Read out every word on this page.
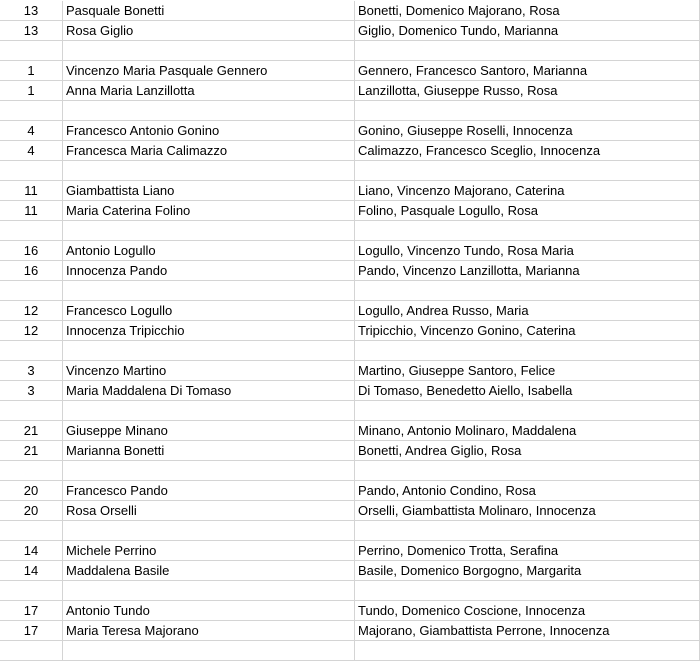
13	Pasquale Bonetti	Bonetti, Domenico Majorano, Rosa
13	Rosa Giglio	Giglio, Domenico Tundo, Marianna
1	Vincenzo Maria Pasquale Gennero	Gennero, Francesco Santoro, Marianna
1	Anna Maria Lanzillotta	Lanzillotta, Giuseppe Russo, Rosa
4	Francesco Antonio Gonino	Gonino, Giuseppe Roselli, Innocenza
4	Francesca Maria Calimazzo	Calimazzo, Francesco Sceglio, Innocenza
11	Giambattista Liano	Liano, Vincenzo Majorano, Caterina
11	Maria Caterina Folino	Folino, Pasquale Logullo, Rosa
16	Antonio Logullo	Logullo, Vincenzo Tundo, Rosa Maria
16	Innocenza Pando	Pando, Vincenzo Lanzillotta, Marianna
12	Francesco Logullo	Logullo, Andrea Russo, Maria
12	Innocenza Tripicchio	Tripicchio, Vincenzo Gonino, Caterina
3	Vincenzo Martino	Martino, Giuseppe Santoro, Felice
3	Maria Maddalena Di Tomaso	Di Tomaso, Benedetto Aiello, Isabella
21	Giuseppe Minano	Minano, Antonio Molinaro, Maddalena
21	Marianna Bonetti	Bonetti, Andrea Giglio, Rosa
20	Francesco Pando	Pando, Antonio Condino, Rosa
20	Rosa Orselli	Orselli, Giambattista Molinaro, Innocenza
14	Michele Perrino	Perrino, Domenico Trotta, Serafina
14	Maddalena Basile	Basile, Domenico Borgogno, Margarita
17	Antonio Tundo	Tundo, Domenico Coscione, Innocenza
17	Maria Teresa Majorano	Majorano, Giambattista Perrone, Innocenza
